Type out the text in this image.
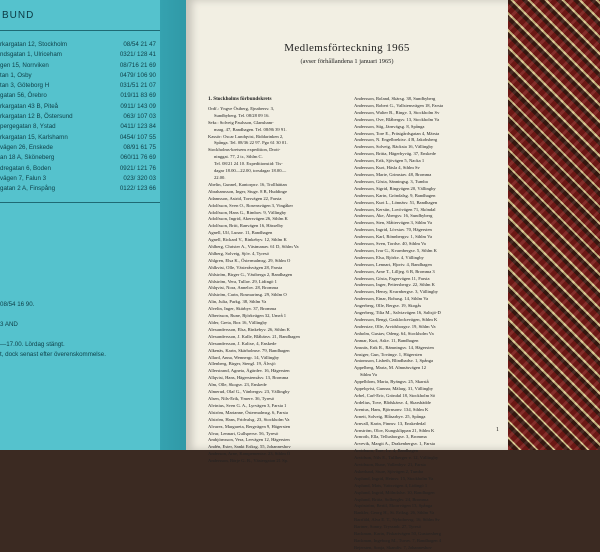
BUND
rkargatan 12, Stockholm	08/54 21 47
ndsgatan 1, Ulriceham	0321/ 128 41
gen 15, Norrviken	08/716 21 69
tan 1, Osby	0479/ 106 90
tan 3, Göteborg H	031/51 21 07
gatan 56, Örebro	019/11 83 69
rkargatan 43 B, Piteå	0911/ 143 09
rkargatan 12 B, Östersund	063/ 107 03
pergegatan 8, Ystad	0411/ 123 84
rkargatan 15, Karlshamn	0454/ 107 55
vägen 26, Enskede	08/91 61 75
an 18 A, Sköneberg	060/11 76 69
dregatan 6, Boden	0921/ 121 76
vägen 7, Falun 3	023/ 320 03
gatan 2 A, Finspång	0122/ 123 66
08/54 16 90.

3 AND

—17.00. Lördag stängt.
t, dock senast efter överenskommelse.
Medlemsförteckning 1965
(avser förhållandena 1 januari 1965)
1. Stockholms förbundskrets
Ordf.: Yngve Östberg, Ejnabersv. 3,
Sundbyberg. Tel. 08/28 09 16.
Sekr.: Solveig Paulsson, Glansham-
marg. 47, Bandhagen. Tel. 08/86 39 91.
Kassör: Oscar Lundqvist, Riddarinken 2,
Spånga. Tel. 08/36 22 97. Pgo 61 30 01.
Stockholms-kretsens expedition, Drott-
ninggat. 77, 2 tr., Sthlm C.
Tel. 08/21 24 10. Expeditionstid: Tis-
dagar 18.00—22.00, torsdagar 18.00—
22.00.
Abelin, Gunnel, Kantorpsv. 16, Trollhättan
Abrahamsson, Inger, Stugv. 8 B, Huddinge
Adamsson, Astrid, Torsvägen 22, Farsta
Adolfsson, Sven O., Rosensvägen 3, Vingåker
Adolfsson, Hans G., Rimbov. 9, Vällingby
Adolfsson, Ingrid, Akersvägen 26, Sthlm K
Adolfsson, Britt, Ranvägen 16, Hässelby
Agnell, Ulf, Lunav. 11, Bandhagen
Agnell, Rickard V., Rinkebyv. 12, Sthlm K
Ahlberg, Christer A., Västmanav. 61 D, Sthlm Va
Ahlberg, Solveig, Sjöv. 4, Tyresö
Ahlgren, Elsa K., Östermalmsg. 29, Sthlm O
Ahlkvist, Olle, Västeråsvägen 28, Farsta
Ahlström, Birger G., Västberga 2, Bandhagen
Ahlström, Vera, Tullav. 29, Lidingö 1
Ahlqvist, Nora, Annelov. 28, Bromma
Ahlström, Carin, Rosmarinsg. 29, Sthlm O
Alin, Julia, Parkg. 38, Sthlm Va
Alvelin, Inger, Skärbyv. 37, Bromma
Albertsson, Rune, Björkvägen 32, Umeå 1
Alder, Greta, Box 16, Vällingby
Alexandersson, Elsa, Rinkebyv. 26, Sthlm K
Alexandersson, J. Kalle, Blåbärsv. 21, Bandhagen
Alexandersson, J. Kalixe, 4, Enskede
Alkenäs, Karin, Skärholmsv. 79, Bandhagen
Allard, Anna, Wennergr. 14, Vällingby
Allenberg, Birger, Stengl. 19, Älvsjö
Allerstrand, Agneta, Ågärdev. 16, Hägersten
Allqvist, Hans, Hägerstensåsv. 13, Bromma
Alm, Olle, Skogsv. 23, Enskede
Almerud, Olaf G., Vänbergsv. 23, Vällingby
Alsen, Nils-Erik, Ymerv. 36, Tyresö
Alvinius, Sven G. A., Lyrvägen 3, Farsta 1
Alström, Marianne, Östermalmsg. 6, Farsta
Alström, Hans, Fridvalsg. 23, Stockholm Va
Alvarez, Margareta, Bergvägen 9, Hägersten
Alvar, Lennart, Gullspersv. 56, Tyresö
Ambjörnsson, Vera, Lervägen 12, Hägersten
Andén, Ester, Sankt Eriksg. 55, Johanneshov
Anderson, Arne, Kampementsv. 23, Sthlm Ö
Andersson, Börje G. B., Västergatan 21 Sp.
Andersson, Roland, Skärsg. 38, Sundbyberg
Andersson, Robert G., Vallstensvägen 18, Farsta
Andersson, Walter B., Ringv. 3, Stockholm Sv
Andersson, Ove, Blåbergsv. 13, Stockholm Va
Andersson, Stig, Järnvägsg. 8, Spånga
Andersson, Tore E., Prästgårdsgatan 4, Märsta
Andersson, N. Engelbrektsv. 4 B, Jakobsberg
Andersson, Solveig, Räcksta 16, Vällingby
Andersson, Britta, Hägerbyväg. 37, Enskede
Andersson, Erik, Sjövägen 5, Nacka 1
Andersson, Kurt, Häsla 4, Sthlm Sv
Andersson, Marie, Grimstav. 48, Bromma
Andersson, Gösta, Sänningsg. 3, Tumba
Andersson, Sigrid, Ringvägen 20, Vällingby
Andersson, Karin, Gröndalsg. 9, Bandhagen
Andersson, Kurt L., Lönnäsv. 51, Bandhagen
Andersson, Kerstin, Lovövägen 71, Sköndal
Andersson, Åke, Åbergsv. 16, Sundbyberg
Andersson, Sten, Slåttervägen 3, Sthlm Va
Andersson, Ingrid, Lövstav. 70, Hägersten
Andersson, Karl, Rönnbergsv. 1, Sthlm Va
Andersson, Sven, Tordsv. 40, Sthlm Va
Andersson, Ivar G., Kvarnbergsv. 5, Sthlm K
Andersson, Elsa, Björkv. 4, Vällingby
Andersson, Lennart, Hjortv. 4, Bandhagen
Andersson, Arne T., Lilljeg. 6 B, Bromma 3
Andersson, Gösta, Fagervägen 11, Farsta
Andersson, Inger, Pettersbergv. 22, Sthlm K
Andersson, Henry, Kvarnbergsv. 3, Vällingby
Andersson, Einar, Bohusg. 14, Sthlm Va
Angerberg, Olle, Bergsv. 19, Skogås
Angerberg, Tilia M., Salviavägen 16, Saltsjö-D
Andersson, Bengt, Gasklockevägen, Sthlm K
Anderstav, Olle, Arvidsborgsv. 19, Sthlm Va
Anholm, Gustav, Odeng. 64, Stockholm Va
Anmar, Kurt, Askv. 11, Bandhagen
Ansnäs, Erik R., Rämningsv. 14, Hägersten
Ansiger, Gun, Tovängv. 1, Hägersten
Antonsson, Lisbeth, Blindbadsv. 1, Spånga
Appelberg, Maria, M. Almnäsvägen 12
Sthlm Va
Appelblom, Maria, Byängsv. 25, Skarstå
Appelqvist, Gunnar, Mälarg. 31, Vällingby
Arbel, Carl-Eric, Gröndal 18, Stockholm Sö
Ardelius, Tove, Blidskärsv. 4, Skarsbädde
Arenius, Hans, Björnsonv. 134, Sthlm K
Arnett, Solveig, Blåsarbyv. 25, Spånga
Arnvall, Karin, Finnsv. 13, Enskededal
Arnström, Olov, Kungsklippan 21, Sthlm K
Arnroth, Ella, Tellusborgsv. 3, Bromma
Arvevik, Margit A., Drakenbergsv. 1, Farsta
Arvidsson, Tore, Lv. 4, Bandhagen
Arvidson, Nils E., Tullberger v. 12, Vällingby
Arvidsson, Rune, Vallenbyv. 21, Farsta
Askerlund, Sture, Sjövägen 2, Tumba
Asplund, Ingrid, Heinsv. 15, Stockholm Va
Asplund, Mats, Vattsvägen 4, Lidingö 1
Asplund, Ingrid, Mölndalsv. 10, Bandhagen
Asplund, Britta, Solberghv. 24, Bromma
Aspöström, Bertil, Ekorrvägen 13, Spånga
Bankler, Georg H., St. Eriksg. 26, Sthlm Va
Barrfäld, Alva E. T., Nybohovsg. 16, Sthlm Sv
Bartner, Sonny, Tryssmb. 27, Tyresö
Backman, Karin, Fiskartvägen 50, Gustavsberg
Backman, Ingeborg M., Tuvav. 7, Bandhagen 4
Bejersten, Sonja, Skandiv. 7, Johanneshov
1
